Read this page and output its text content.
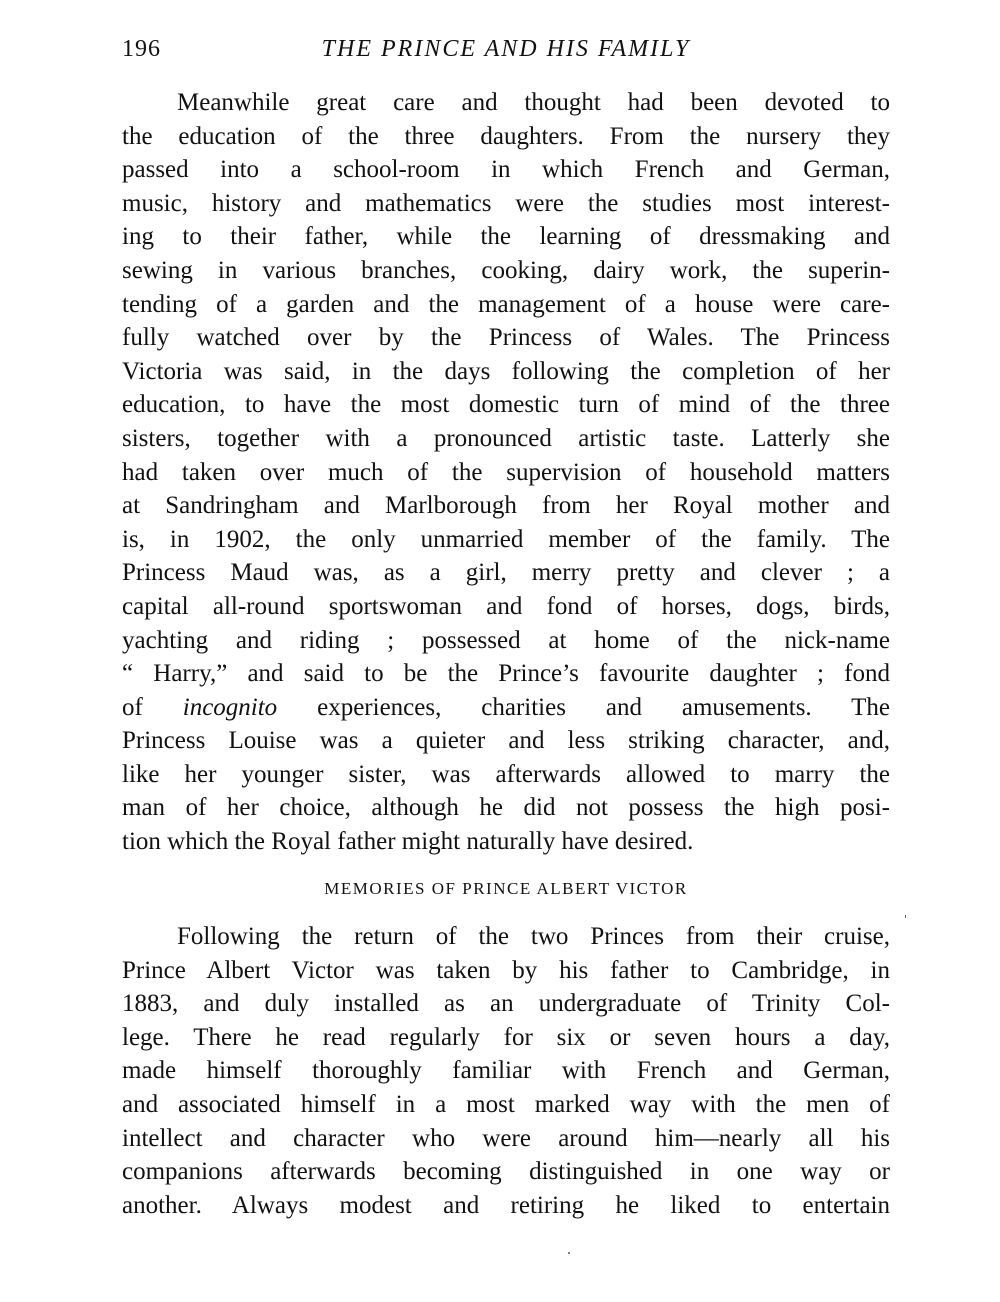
196	THE PRINCE AND HIS FAMILY
Meanwhile great care and thought had been devoted to
the education of the three daughters. From the nursery they
passed into a school-room in which French and German,
music, history and mathematics were the studies most interest-
ing to their father, while the learning of dressmaking and
sewing in various branches, cooking, dairy work, the superin-
tending of a garden and the management of a house were care-
fully watched over by the Princess of Wales. The Princess
Victoria was said, in the days following the completion of her
education, to have the most domestic turn of mind of the three
sisters, together with a pronounced artistic taste. Latterly she
had taken over much of the supervision of household matters
at Sandringham and Marlborough from her Royal mother and
is, in 1902, the only unmarried member of the family. The
Princess Maud was, as a girl, merry pretty and clever ; a
capital all-round sportswoman and fond of horses, dogs, birds,
yachting and riding ; possessed at home of the nick-name
“ Harry,” and said to be the Prince’s favourite daughter ; fond
of incognito experiences, charities and amusements. The
Princess Louise was a quieter and less striking character, and,
like her younger sister, was afterwards allowed to marry the
man of her choice, although he did not possess the high posi-
tion which the Royal father might naturally have desired.
MEMORIES OF PRINCE ALBERT VICTOR
Following the return of the two Princes from their cruise,
Prince Albert Victor was taken by his father to Cambridge, in
1883, and duly installed as an undergraduate of Trinity Col-
lege. There he read regularly for six or seven hours a day,
made himself thoroughly familiar with French and German,
and associated himself in a most marked way with the men of
intellect and character who were around him—nearly all his
companions afterwards becoming distinguished in one way or
another. Always modest and retiring he liked to entertain
